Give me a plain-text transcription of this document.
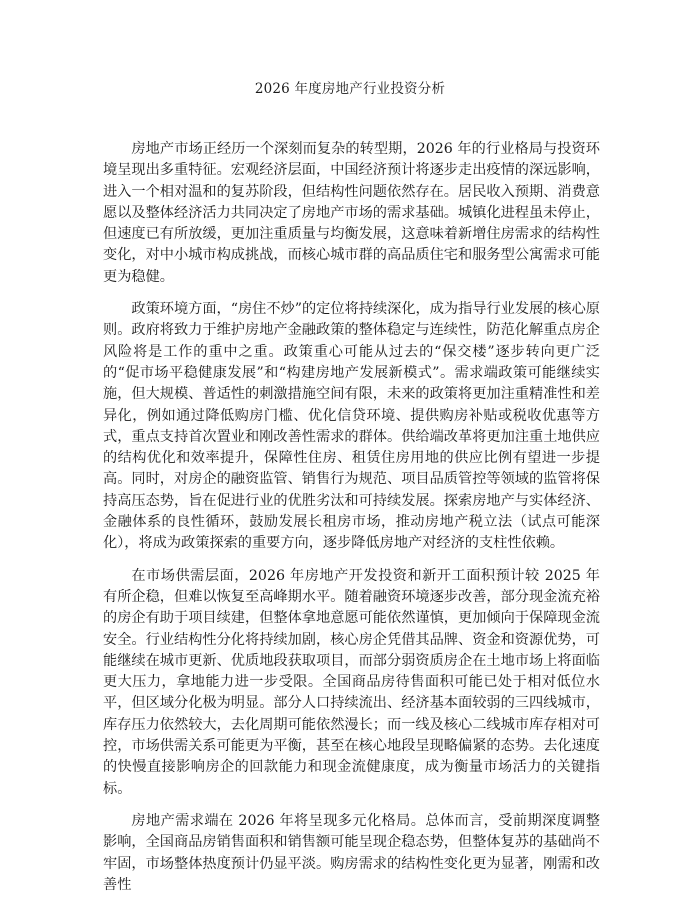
2026 年度房地产行业投资分析

房地产市场正经历一个深刻而复杂的转型期，2026 年的行业格局与投资环境呈现出多重特征。宏观经济层面，中国经济预计将逐步走出疫情的深远影响，进入一个相对温和的复苏阶段，但结构性问题依然存在。居民收入预期、消费意愿以及整体经济活力共同决定了房地产市场的需求基础。城镇化进程虽未停止，但速度已有所放缓，更加注重质量与均衡发展，这意味着新增住房需求的结构性变化，对中小城市构成挑战，而核心城市群的高品质住宅和服务型公寓需求可能更为稳健。

政策环境方面，“房住不炒”的定位将持续深化，成为指导行业发展的核心原则。政府将致力于维护房地产金融政策的整体稳定与连续性，防范化解重点房企风险将是工作的重中之重。政策重心可能从过去的“保交楼”逐步转向更广泛的“促市场平稳健康发展”和“构建房地产发展新模式”。需求端政策可能继续实施，但大规模、普适性的刺激措施空间有限，未来的政策将更加注重精准性和差异化，例如通过降低购房门槛、优化信贷环境、提供购房补贴或税收优惠等方式，重点支持首次置业和刚改善性需求的群体。供给端改革将更加注重土地供应的结构优化和效率提升，保障性住房、租赁住房用地的供应比例有望进一步提高。同时，对房企的融资监管、销售行为规范、项目品质管控等领域的监管将保持高压态势，旨在促进行业的优胜劣汰和可持续发展。探索房地产与实体经济、金融体系的良性循环，鼓励发展长租房市场，推动房地产税立法（试点可能深化），将成为政策探索的重要方向，逐步降低房地产对经济的支柱性依赖。

在市场供需层面，2026 年房地产开发投资和新开工面积预计较 2025 年有所企稳，但难以恢复至高峰期水平。随着融资环境逐步改善，部分现金流充裕的房企有助于项目续建，但整体拿地意愿可能依然谨慎，更加倾向于保障现金流安全。行业结构性分化将持续加剧，核心房企凭借其品牌、资金和资源优势，可能继续在城市更新、优质地段获取项目，而部分弱资质房企在土地市场上将面临更大压力，拿地能力进一步受限。全国商品房待售面积可能已处于相对低位水平，但区域分化极为明显。部分人口持续流出、经济基本面较弱的三四线城市，库存压力依然较大，去化周期可能依然漫长；而一线及核心二线城市库存相对可控，市场供需关系可能更为平衡，甚至在核心地段呈现略偏紧的态势。去化速度的快慢直接影响房企的回款能力和现金流健康度，成为衡量市场活力的关键指标。

房地产需求端在 2026 年将呈现多元化格局。总体而言，受前期深度调整影响，全国商品房销售面积和销售额可能呈现企稳态势，但整体复苏的基础尚不牢固，市场整体热度预计仍显平淡。购房需求的结构性变化更为显著，刚需和改善性
